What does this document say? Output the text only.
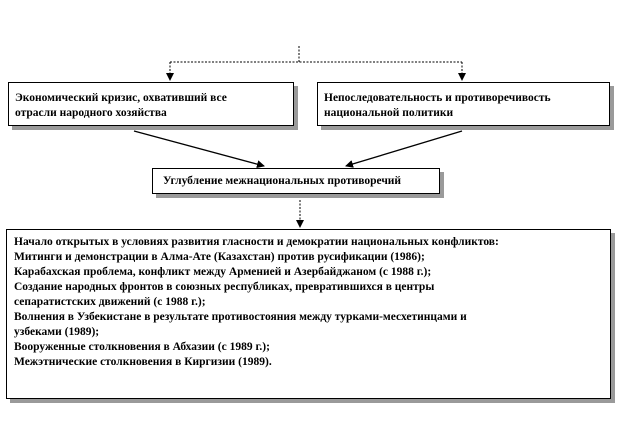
Экономический кризис, охвативший все
отрасли народного хозяйства
Непоследовательность и противоречивость
национальной политики
Углубление межнациональных противоречий
Начало открытых в условиях развития гласности и демократии национальных конфликтов:
Митинги и демонстрации в Алма-Ате (Казахстан) против русификации (1986);
Карабахская проблема, конфликт между Арменией и Азербайджаном (с 1988 г.);
Создание народных фронтов в союзных республиках, превратившихся в центры
сепаратистских движений (с 1988 г.);
Волнения в Узбекистане в результате противостояния между турками-месхетинцами и
узбеками (1989);
Вооруженные столкновения в Абхазии (с 1989 г.);
Межэтнические столкновения в Киргизии (1989).
